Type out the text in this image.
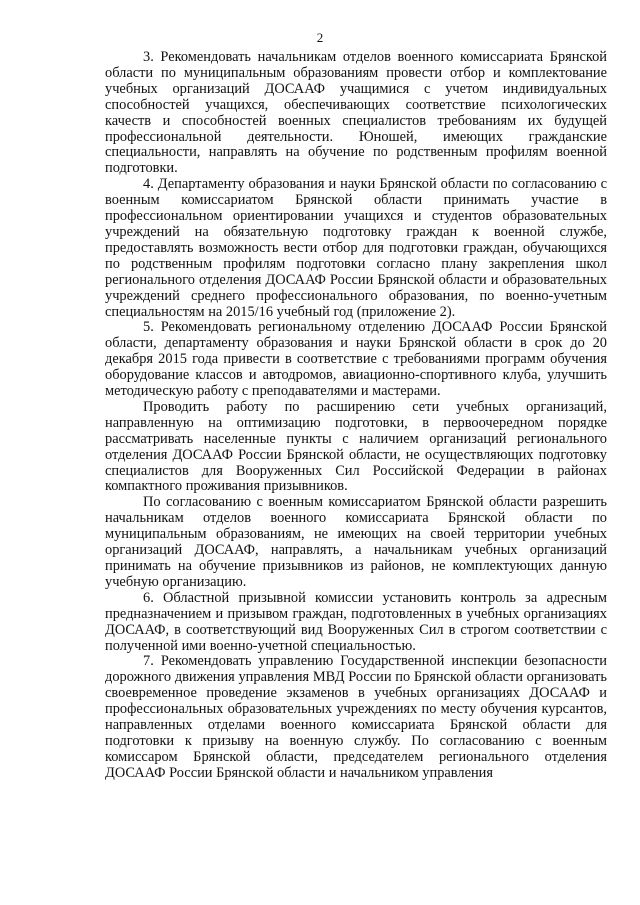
2

3. Рекомендовать начальникам отделов военного комиссариата Брянской области по муниципальным образованиям провести отбор и комплектование учебных организаций ДОСААФ учащимися с учетом индивидуальных способностей учащихся, обеспечивающих соответствие психологических качеств и способностей военных специалистов требованиям их будущей профессиональной деятельности. Юношей, имеющих гражданские специальности, направлять на обучение по родственным профилям военной подготовки.

4. Департаменту образования и науки Брянской области по согласованию с военным комиссариатом Брянской области принимать участие в профессиональном ориентировании учащихся и студентов образовательных учреждений на обязательную подготовку граждан к военной службе, предоставлять возможность вести отбор для подготовки граждан, обучающихся по родственным профилям подготовки согласно плану закрепления школ регионального отделения ДОСААФ России Брянской области и образовательных учреждений среднего профессионального образования, по военно-учетным специальностям на 2015/16 учебный год (приложение 2).

5. Рекомендовать региональному отделению ДОСААФ России Брянской области, департаменту образования и науки Брянской области в срок до 20 декабря 2015 года привести в соответствие с требованиями программ обучения оборудование классов и автодромов, авиационно-спортивного клуба, улучшить методическую работу с преподавателями и мастерами.

Проводить работу по расширению сети учебных организаций, направленную на оптимизацию подготовки, в первоочередном порядке рассматривать населенные пункты с наличием организаций регионального отделения ДОСААФ России Брянской области, не осуществляющих подготовку специалистов для Вооруженных Сил Российской Федерации в районах компактного проживания призывников.

По согласованию с военным комиссариатом Брянской области разрешить начальникам отделов военного комиссариата Брянской области по муниципальным образованиям, не имеющих на своей территории учебных организаций ДОСААФ, направлять, а начальникам учебных организаций принимать на обучение призывников из районов, не комплектующих данную учебную организацию.

6. Областной призывной комиссии установить контроль за адресным предназначением и призывом граждан, подготовленных в учебных организациях ДОСААФ, в соответствующий вид Вооруженных Сил в строгом соответствии с полученной ими военно-учетной специальностью.

7. Рекомендовать управлению Государственной инспекции безопасности дорожного движения управления МВД России по Брянской области организовать своевременное проведение экзаменов в учебных организациях ДОСААФ и профессиональных образовательных учреждениях по месту обучения курсантов, направленных отделами военного комиссариата Брянской области для подготовки к призыву на военную службу. По согласованию с военным комиссаром Брянской области, председателем регионального отделения ДОСААФ России Брянской области и начальником управления
